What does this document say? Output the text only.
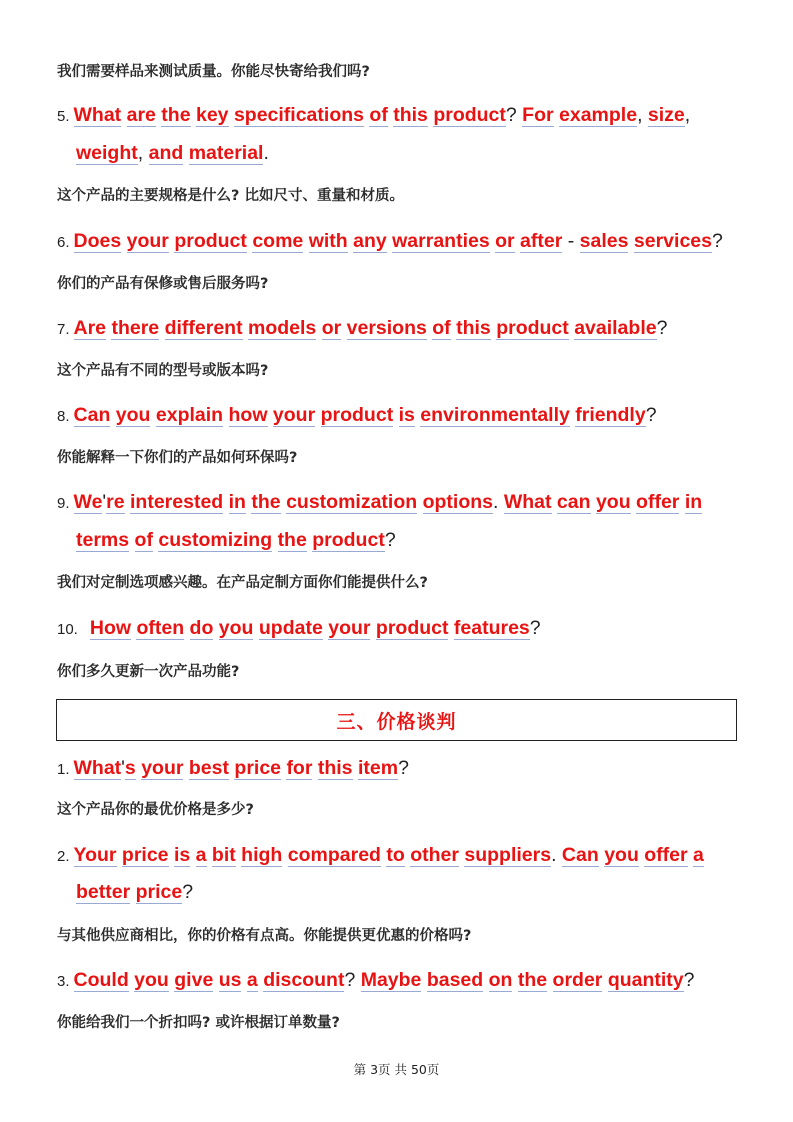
我们需要样品来测试质量。你能尽快寄给我们吗?
5. What are the key specifications of this product? For example, size,
weight, and material.
这个产品的主要规格是什么? 比如尺寸、重量和材质。
6. Does your product come with any warranties or after - sales services?
你们的产品有保修或售后服务吗?
7. Are there different models or versions of this product available?
这个产品有不同的型号或版本吗?
8. Can you explain how your product is environmentally friendly?
你能解释一下你们的产品如何环保吗?
9. We're interested in the customization options. What can you offer in
terms of customizing the product?
我们对定制选项感兴趣。在产品定制方面你们能提供什么?
10. How often do you update your product features?
你们多久更新一次产品功能?
三、价格谈判
1. What's your best price for this item?
这个产品你的最优价格是多少?
2. Your price is a bit high compared to other suppliers. Can you offer a
better price?
与其他供应商相比，你的价格有点高。你能提供更优惠的价格吗?
3. Could you give us a discount? Maybe based on the order quantity?
你能给我们一个折扣吗? 或许根据订单数量?
第 3页 共 50页
